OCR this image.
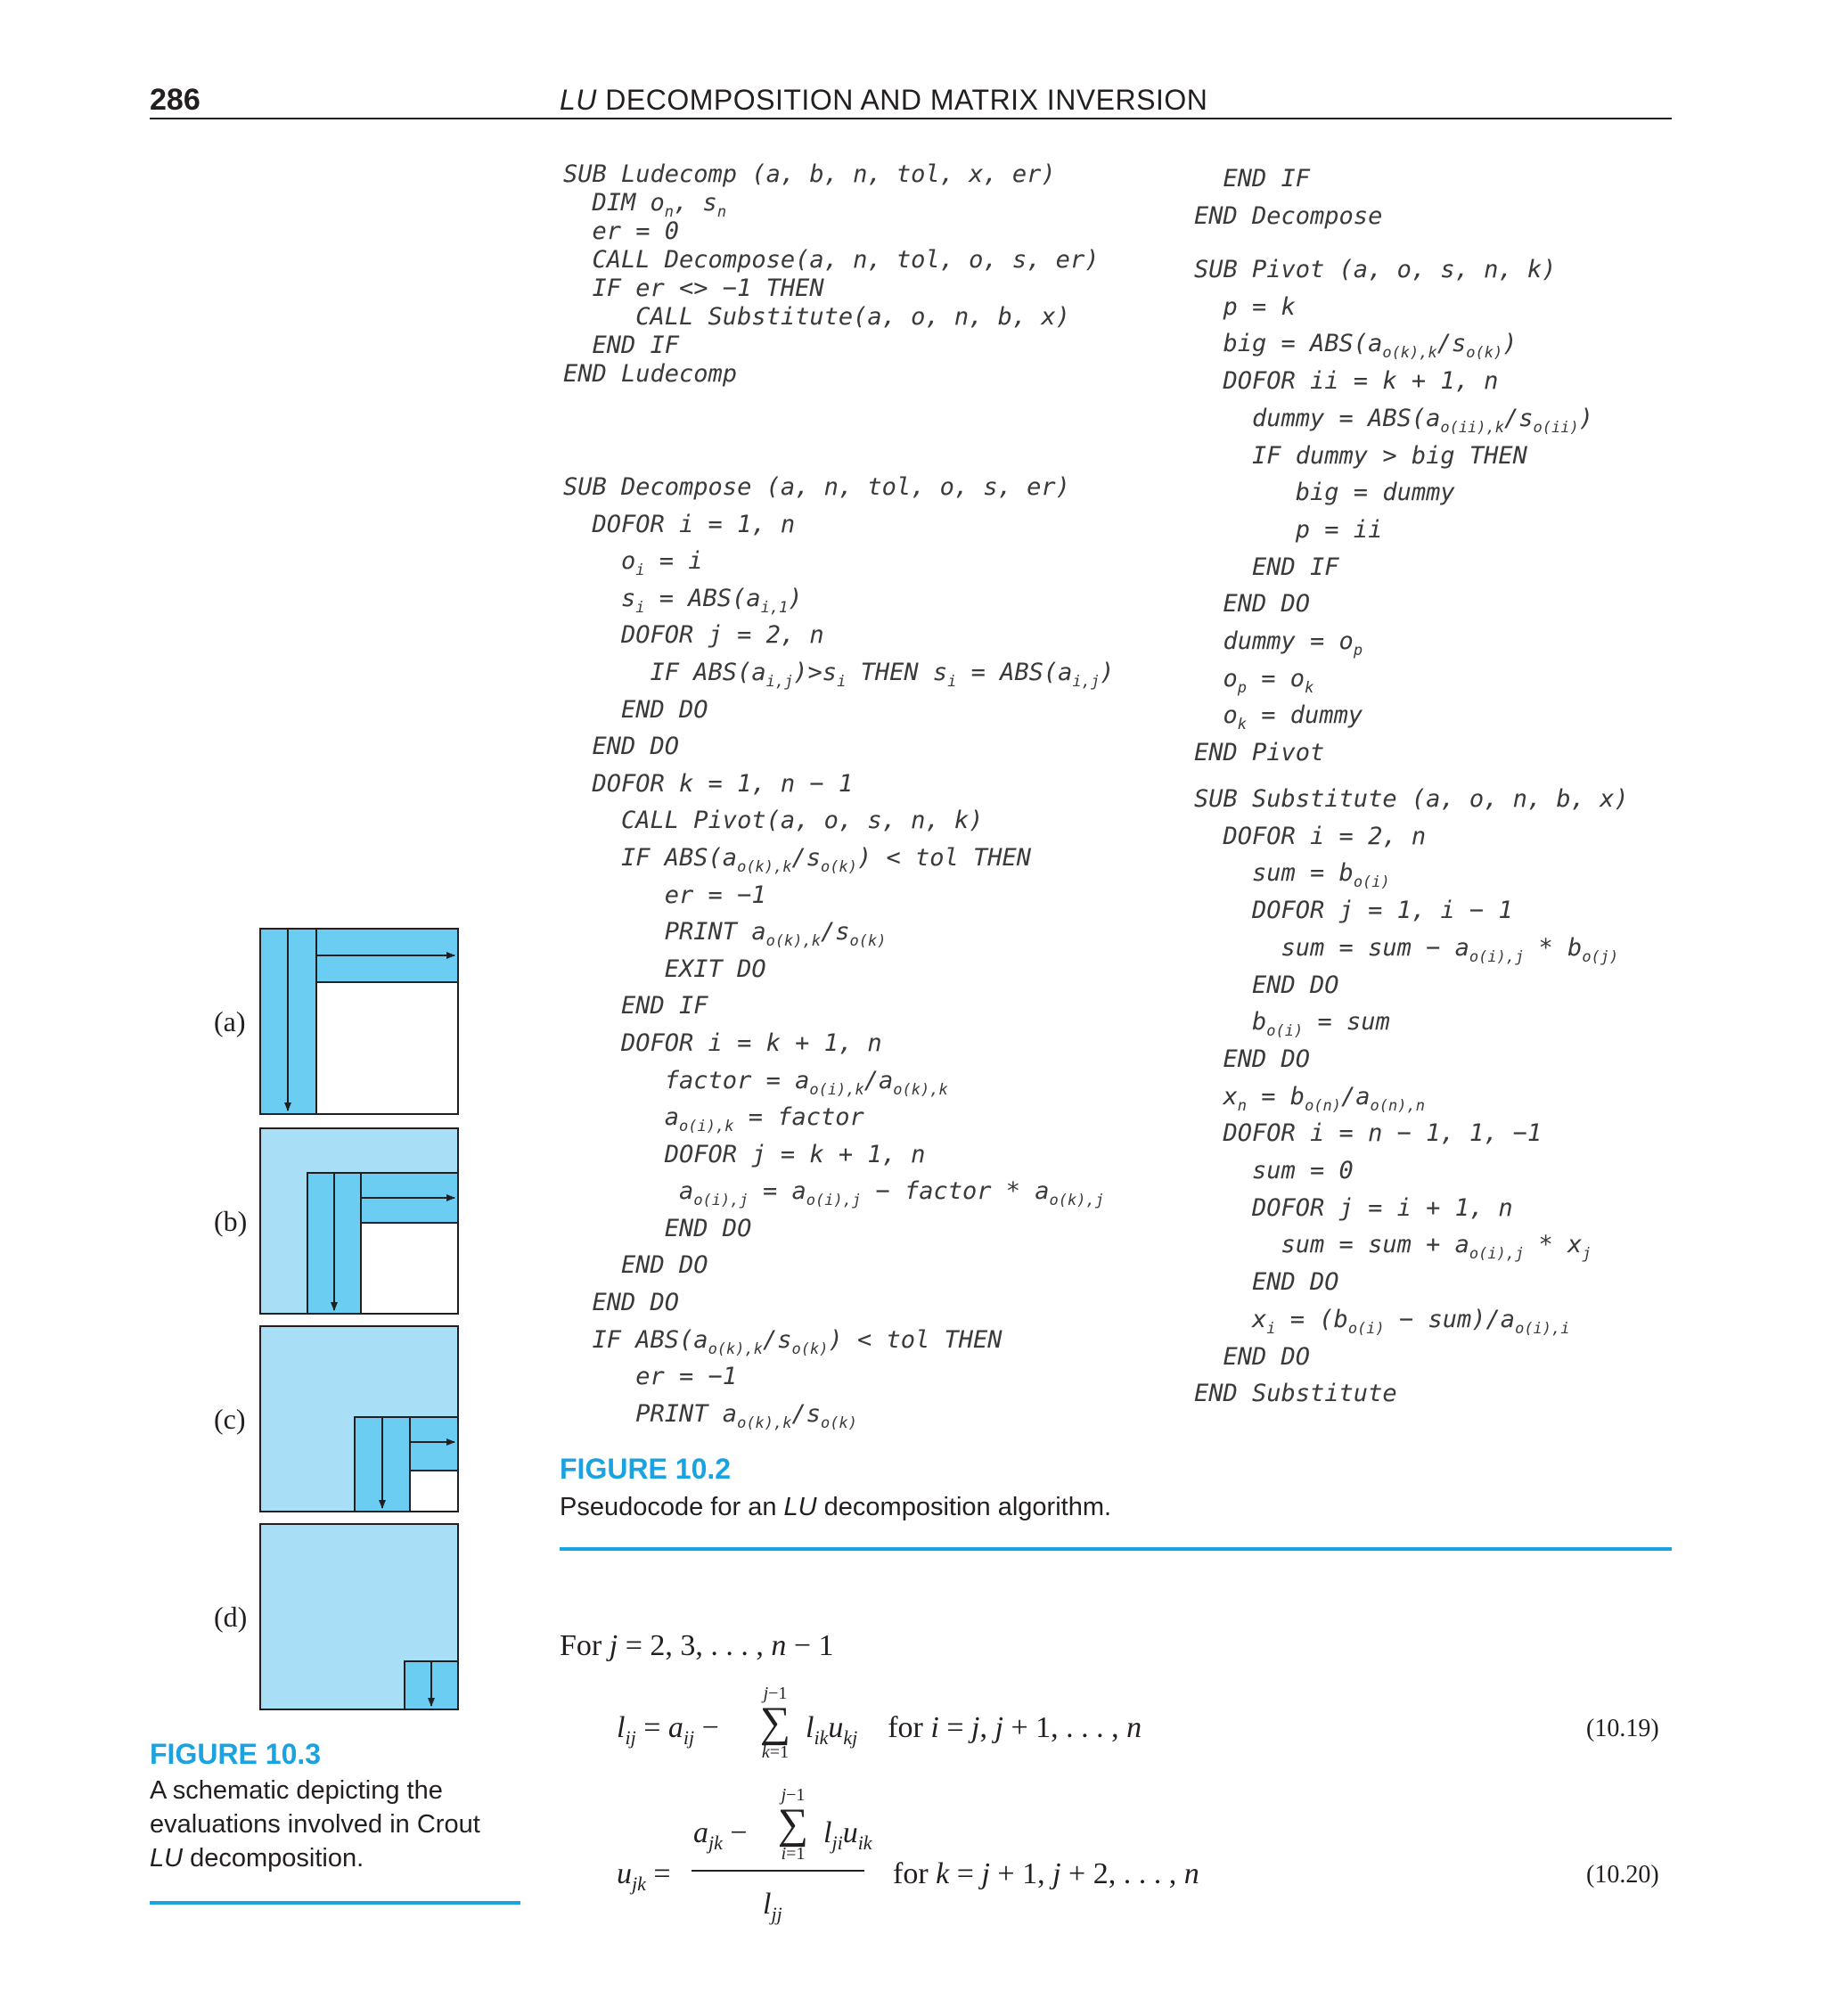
286	LU DECOMPOSITION AND MATRIX INVERSION
SUB Ludecomp (a, b, n, tol, x, er)
DIM $o_n$, $s_n$
er = 0
CALL Decompose(a, n, tol, o, s, er)
IF er <> −1 THEN
CALL Substitute(a, o, n, b, x)
END IF
END Ludecomp
SUB Decompose (a, n, tol, o, s, er)
DOFOR i = 1, n
$o_i = i$
$s_i = ABS(a_{i,1})$
DOFOR j = 2, n
IF $ABS(a_{i,j})>s_i$ THEN $s_i = ABS(a_{i,j})$
END DO
END DO
DOFOR k = 1, n − 1
CALL Pivot(a, o, s, n, k)
IF $ABS(a_{o(k),k}/s_{o(k)})$ < tol THEN
er = −1
PRINT $a_{o(k),k}/s_{o(k)}$
EXIT DO
END IF
DOFOR i = k + 1, n
factor = $a_{o(i),k}/a_{o(k),k}$
$a_{o(i),k}$ = factor
DOFOR j = k + 1, n
$a_{o(i),j} = a_{o(i),j}$ − factor * $a_{o(k),j}$
END DO
END DO
END DO
IF $ABS(a_{o(k),k}/s_{o(k)})$ < tol THEN
er = −1
PRINT $a_{o(k),k}/s_{o(k)}$
END IF
END Decompose
SUB Pivot (a, o, s, n, k)
p = k
big = $ABS(a_{o(k),k}/s_{o(k)})$
DOFOR ii = k + 1, n
dummy = $ABS(a_{o(ii),k}/s_{o(ii)})$
IF dummy > big THEN
big = dummy
p = ii
END IF
END DO
dummy = $o_p$
$o_p = o_k$
$o_k$ = dummy
END Pivot
SUB Substitute (a, o, n, b, x)
DOFOR i = 2, n
sum = $b_{o(i)}$
DOFOR j = 1, i − 1
sum = sum − $a_{o(i),j} * b_{o(j)}$
END DO
$b_{o(i)}$ = sum
END DO
$x_n = b_{o(n)}/a_{o(n),n}$
DOFOR i = n − 1, 1, −1
sum = 0
DOFOR j = i + 1, n
sum = sum + $a_{o(i),j} * x_j$
END DO
$x_i = (b_{o(i)} - sum)/a_{o(i),i}$
END DO
END Substitute
FIGURE 10.2
Pseudocode for an LU decomposition algorithm.
(a)
(b)
(c)
(d)
FIGURE 10.3
A schematic depicting the
evaluations involved in Crout
LU decomposition.
For j = 2, 3, . . . , n − 1
$l_{ij} = a_{ij}$ −
j−1
∑
k=1
$l_{ik}u_{kj}$    for i = j, j + 1, . . . , n	(10.19)
$u_{jk}$ =
$a_{jk}$ −
j−1
∑
i=1
$l_{ji}u_{ik}$
$l_{jj}$
for k = j + 1, j + 2, . . . , n	(10.20)
